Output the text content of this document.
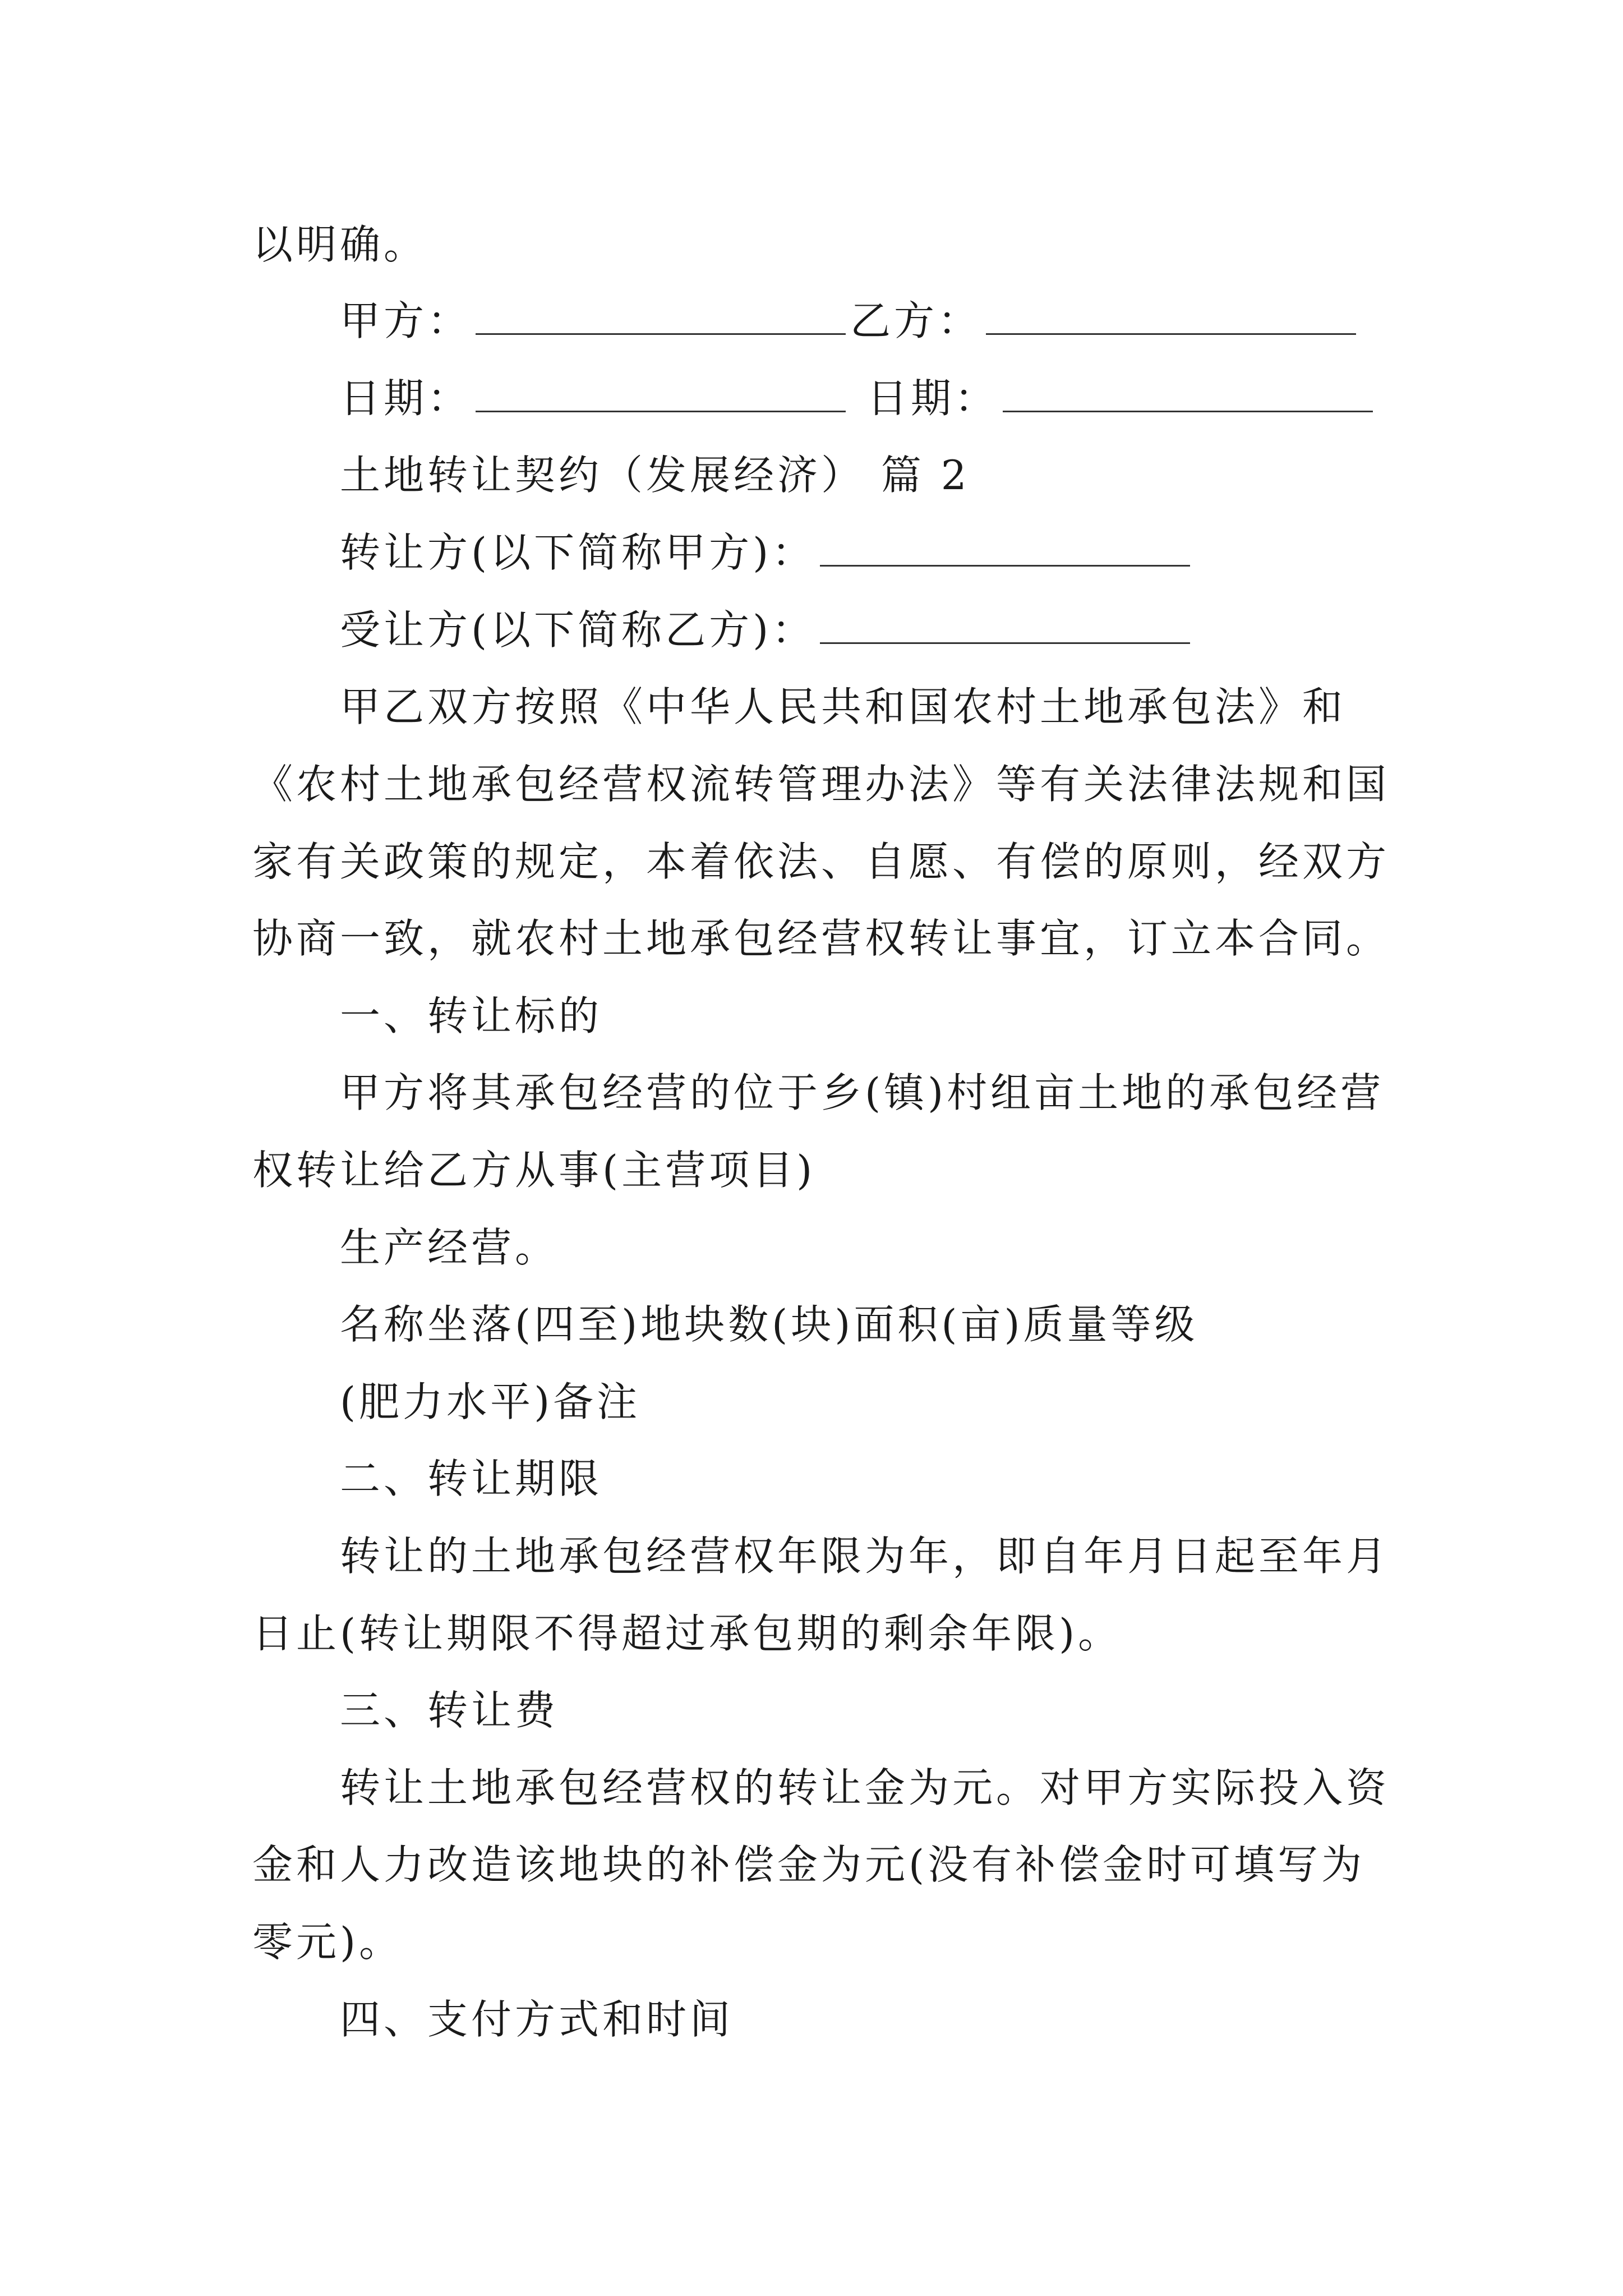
以明确。
甲方：	乙方：
日期：	日期：
土地转让契约（发展经济） 篇 2
转让方(以下简称甲方)：
受让方(以下简称乙方)：
甲乙双方按照《中华人民共和国农村土地承包法》和
《农村土地承包经营权流转管理办法》等有关法律法规和国
家有关政策的规定，本着依法、自愿、有偿的原则，经双方
协商一致，就农村土地承包经营权转让事宜，订立本合同。
一、转让标的
甲方将其承包经营的位于乡(镇)村组亩土地的承包经营
权转让给乙方从事(主营项目)
生产经营。
名称坐落(四至)地块数(块)面积(亩)质量等级
(肥力水平)备注
二、转让期限
转让的土地承包经营权年限为年，即自年月日起至年月
日止(转让期限不得超过承包期的剩余年限)。
三、转让费
转让土地承包经营权的转让金为元。对甲方实际投入资
金和人力改造该地块的补偿金为元(没有补偿金时可填写为
零元)。
四、支付方式和时间
